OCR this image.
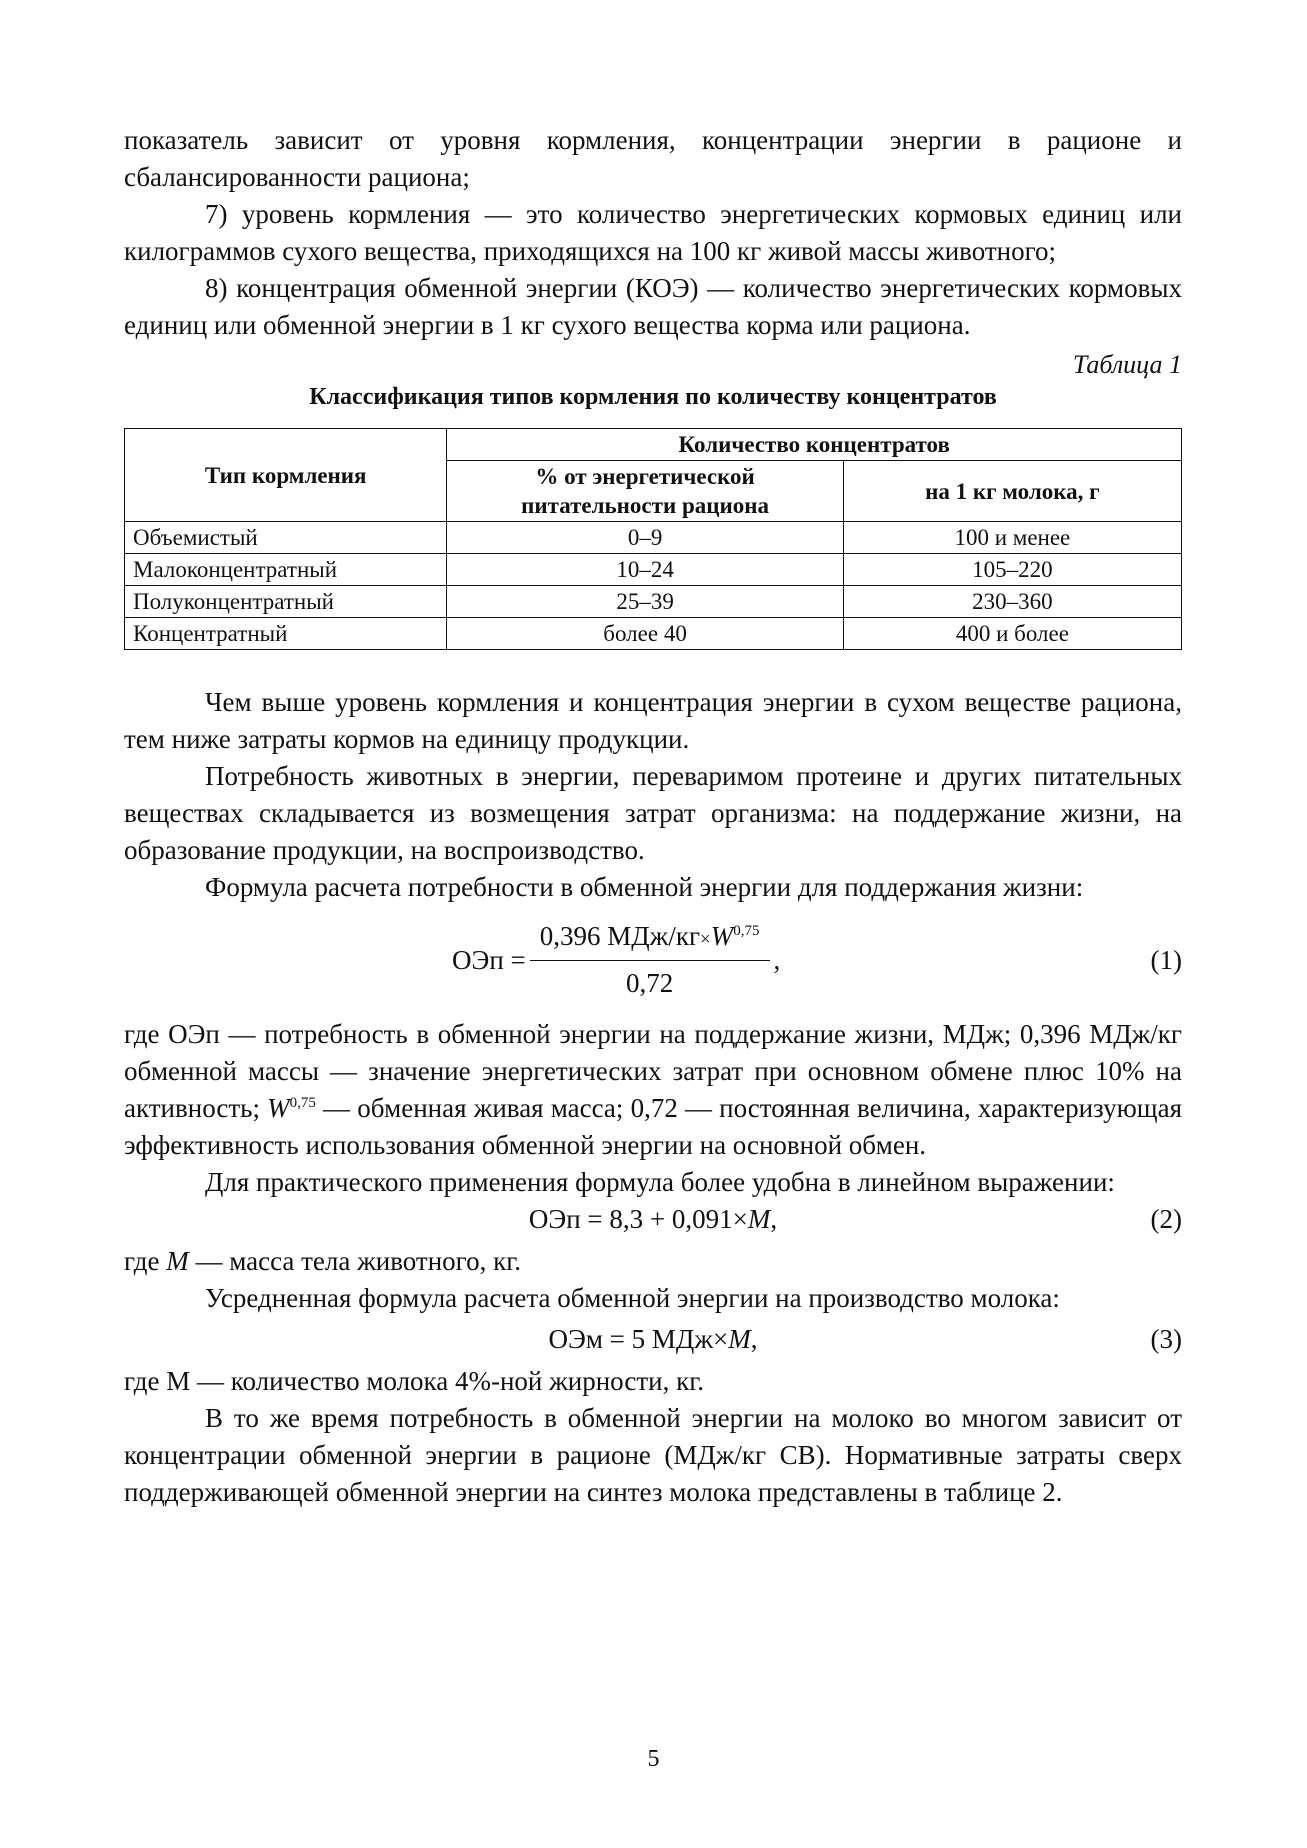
показатель зависит от уровня кормления, концентрации энергии в рационе и сбалансированности рациона;

7) уровень кормления — это количество энергетических кормовых единиц или килограммов сухого вещества, приходящихся на 100 кг живой массы животного;

8) концентрация обменной энергии (КОЭ) — количество энергетических кормовых единиц или обменной энергии в 1 кг сухого вещества корма или рациона.

Таблица 1
Классификация типов кормления по количеству концентратов
Тип кормления	Количество концентратов	
	% от энергетической питательности рациона	на 1 кг молока, г
Объемистый	0–9	100 и менее
Малоконцентратный	10–24	105–220
Полуконцентратный	25–39	230–360
Концентратный	более 40	400 и более

Чем выше уровень кормления и концентрация энергии в сухом веществе рациона, тем ниже затраты кормов на единицу продукции.

Потребность животных в энергии, переваримом протеине и других питательных веществах складывается из возмещения затрат организма: на поддержание жизни, на образование продукции, на воспроизводство.

Формула расчета потребности в обменной энергии для поддержания жизни:

ОЭп = $\frac{0,396 МДж/кг\times W^{0,75}}{0,72}$ ,	(1)

где ОЭп — потребность в обменной энергии на поддержание жизни, МДж; 0,396 МДж/кг обменной массы — значение энергетических затрат при основном обмене плюс 10% на активность; W$^{0,75}$ — обменная живая масса; 0,72 — постоянная величина, характеризующая эффективность использования обменной энергии на основной обмен.

Для практического применения формула более удобна в линейном выражении:

ОЭп = 8,3 + 0,091×M,	(2)

где M — масса тела животного, кг.

Усредненная формула расчета обменной энергии на производство молока:

ОЭм = 5 МДж×M,	(3)

где М — количество молока 4%-ной жирности, кг.

В то же время потребность в обменной энергии на молоко во многом зависит от концентрации обменной энергии в рационе (МДж/кг СВ). Нормативные затраты сверх поддерживающей обменной энергии на синтез молока представлены в таблице 2.

5
